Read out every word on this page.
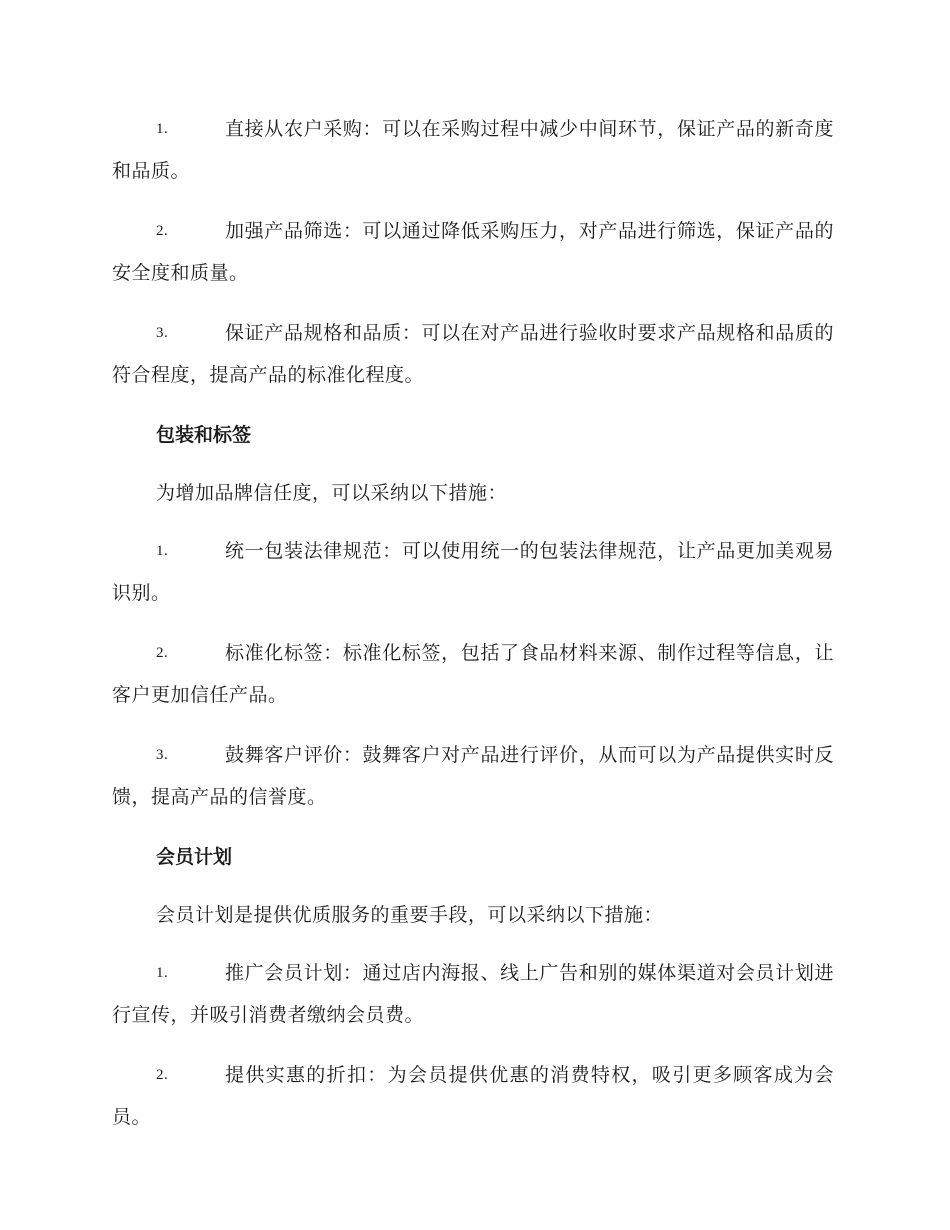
1.	直接从农户采购：可以在采购过程中减少中间环节，保证产品的新奇度和品质。
2.	加强产品筛选：可以通过降低采购压力，对产品进行筛选，保证产品的安全度和质量。
3.	保证产品规格和品质：可以在对产品进行验收时要求产品规格和品质的符合程度，提高产品的标准化程度。
包装和标签
为增加品牌信任度，可以采纳以下措施：
1.	统一包装法律规范：可以使用统一的包装法律规范，让产品更加美观易识别。
2.	标准化标签：标准化标签，包括了食品材料来源、制作过程等信息，让客户更加信任产品。
3.	鼓舞客户评价：鼓舞客户对产品进行评价，从而可以为产品提供实时反馈，提高产品的信誉度。
会员计划
会员计划是提供优质服务的重要手段，可以采纳以下措施：
1.	推广会员计划：通过店内海报、线上广告和别的媒体渠道对会员计划进行宣传，并吸引消费者缴纳会员费。
2.	提供实惠的折扣：为会员提供优惠的消费特权，吸引更多顾客成为会员。
